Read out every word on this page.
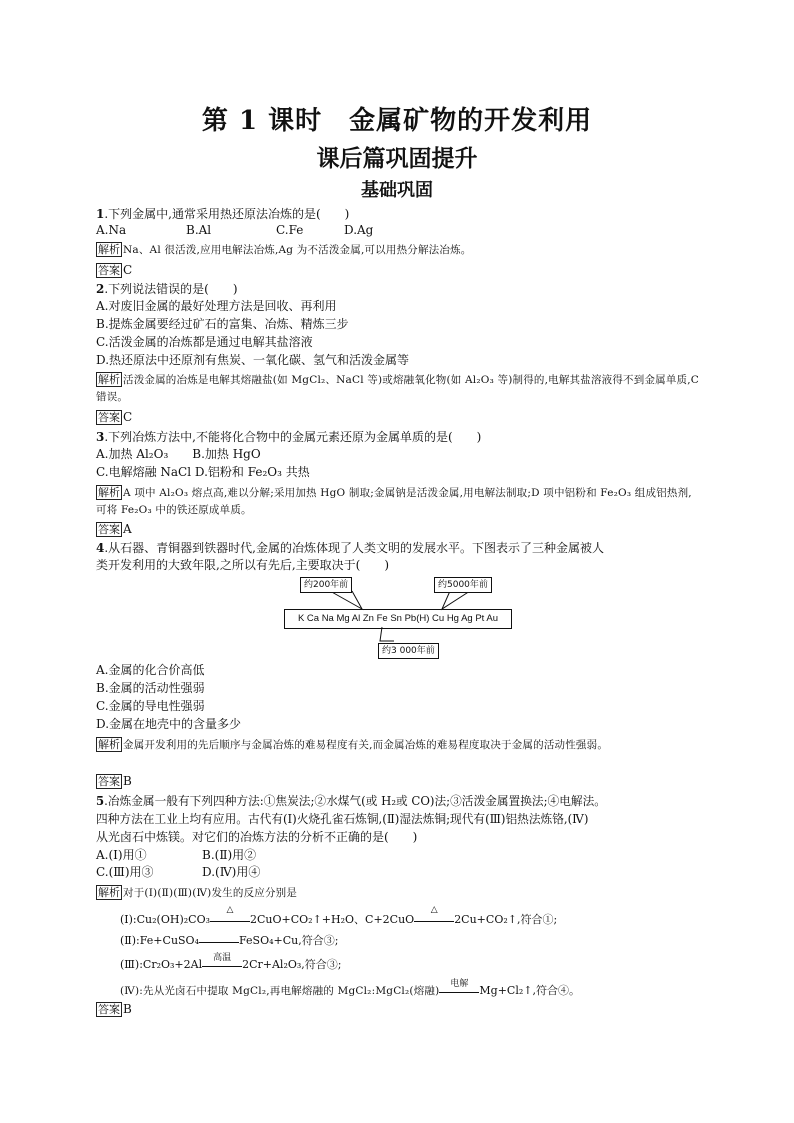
第 1 课时　金属矿物的开发利用
课后篇巩固提升
基础巩固
1.下列金属中,通常采用热还原法冶炼的是(　　)
A.Na	B.Al	C.Fe	D.Ag
解析 Na、Al 很活泼,应用电解法冶炼,Ag 为不活泼金属,可以用热分解法冶炼。
答案 C
2.下列说法错误的是(　　)
A.对废旧金属的最好处理方法是回收、再利用
B.提炼金属要经过矿石的富集、冶炼、精炼三步
C.活泼金属的冶炼都是通过电解其盐溶液
D.热还原法中还原剂有焦炭、一氧化碳、氢气和活泼金属等
解析 活泼金属的冶炼是电解其熔融盐(如 MgCl₂、NaCl 等)或熔融氧化物(如 Al₂O₃ 等)制得的,电解其盐溶液得不到金属单质,C 错误。
答案 C
3.下列冶炼方法中,不能将化合物中的金属元素还原为金属单质的是(　　)
A.加热 Al₂O₃　　B.加热 HgO
C.电解熔融 NaCl D.铝粉和 Fe₂O₃ 共热
解析 A 项中 Al₂O₃ 熔点高,难以分解;采用加热 HgO 制取;金属钠是活泼金属,用电解法制取;D 项中铝粉和 Fe₂O₃ 组成铝热剂,可将 Fe₂O₃ 中的铁还原成单质。
答案 A
4.从石器、青铜器到铁器时代,金属的冶炼体现了人类文明的发展水平。下图表示了三种金属被人
类开发利用的大致年限,之所以有先后,主要取决于(　　)
约200年前	约5000年前
K Ca Na Mg Al Zn Fe Sn Pb(H) Cu Hg Ag Pt Au
约3 000年前
A.金属的化合价高低
B.金属的活动性强弱
C.金属的导电性强弱
D.金属在地壳中的含量多少
解析 金属开发利用的先后顺序与金属冶炼的难易程度有关,而金属冶炼的难易程度取决于金属的活动性强弱。
答案 B
5.冶炼金属一般有下列四种方法:①焦炭法;②水煤气(或 H₂或 CO)法;③活泼金属置换法;④电解法。
四种方法在工业上均有应用。古代有(Ⅰ)火烧孔雀石炼铜,(Ⅱ)湿法炼铜;现代有(Ⅲ)铝热法炼铬,(Ⅳ)
从光卤石中炼镁。对它们的冶炼方法的分析不正确的是(　　)
A.(Ⅰ)用①	B.(Ⅱ)用②
C.(Ⅲ)用③	D.(Ⅳ)用④
解析 对于(Ⅰ)(Ⅱ)(Ⅲ)(Ⅳ)发生的反应分别是
(Ⅰ):Cu₂(OH)₂CO₃
△
2CuO+CO₂↑+H₂O、C+2CuO
△
2Cu+CO₂↑,符合①;
(Ⅱ):Fe+CuSO₄	FeSO₄+Cu,符合③;
(Ⅲ):Cr₂O₃+2Al	高温	2Cr+Al₂O₃,符合③;
(Ⅳ):先从光卤石中提取 MgCl₂,再电解熔融的 MgCl₂:MgCl₂(熔融)
电解	Mg+Cl₂↑,符合④。
答案 B
